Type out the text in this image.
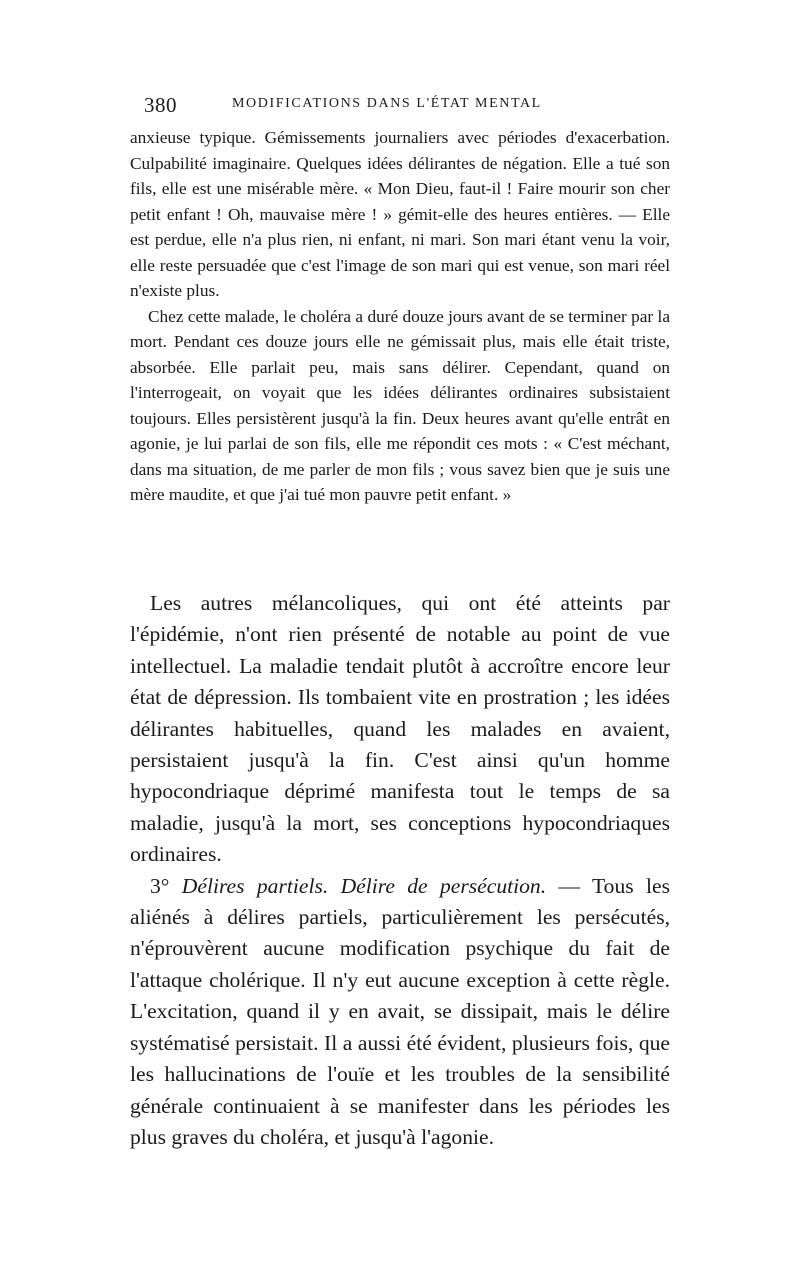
380	MODIFICATIONS DANS L'ÉTAT MENTAL

anxieuse typique. Gémissements journaliers avec périodes d'exacerbation. Culpabilité imaginaire. Quelques idées délirantes de négation. Elle a tué son fils, elle est une misérable mère. « Mon Dieu, faut-il ! Faire mourir son cher petit enfant ! Oh, mauvaise mère ! » gémit-elle des heures entières. — Elle est perdue, elle n'a plus rien, ni enfant, ni mari. Son mari étant venu la voir, elle reste persuadée que c'est l'image de son mari qui est venue, son mari réel n'existe plus.

Chez cette malade, le choléra a duré douze jours avant de se terminer par la mort. Pendant ces douze jours elle ne gémissait plus, mais elle était triste, absorbée. Elle parlait peu, mais sans délirer. Cependant, quand on l'interrogeait, on voyait que les idées délirantes ordinaires subsistaient toujours. Elles persistèrent jusqu'à la fin. Deux heures avant qu'elle entrât en agonie, je lui parlai de son fils, elle me répondit ces mots : « C'est méchant, dans ma situation, de me parler de mon fils ; vous savez bien que je suis une mère maudite, et que j'ai tué mon pauvre petit enfant. »

Les autres mélancoliques, qui ont été atteints par l'épidémie, n'ont rien présenté de notable au point de vue intellectuel. La maladie tendait plutôt à accroître encore leur état de dépression. Ils tombaient vite en prostration ; les idées délirantes habituelles, quand les malades en avaient, persistaient jusqu'à la fin. C'est ainsi qu'un homme hypocondriaque déprimé manifesta tout le temps de sa maladie, jusqu'à la mort, ses conceptions hypocondriaques ordinaires.

3° Délires partiels. Délire de persécution. — Tous les aliénés à délires partiels, particulièrement les persécutés, n'éprouvèrent aucune modification psychique du fait de l'attaque cholérique. Il n'y eut aucune exception à cette règle. L'excitation, quand il y en avait, se dissipait, mais le délire systématisé persistait. Il a aussi été évident, plusieurs fois, que les hallucinations de l'ouïe et les troubles de la sensibilité générale continuaient à se manifester dans les périodes les plus graves du choléra, et jusqu'à l'agonie.
